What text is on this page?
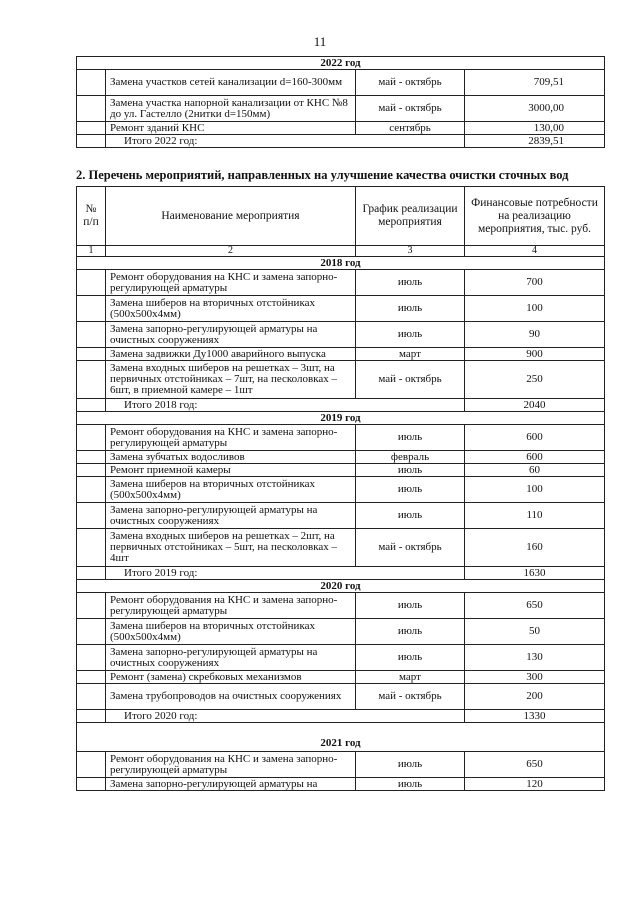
11
2022 год			
	Замена участков сетей канализации d=160-300мм	май - октябрь	709,51
	Замена участка напорной канализации от КНС №8 до ул. Гастелло (2нитки d=150мм)	май - октябрь	3000,00
	Ремонт зданий КНС	сентябрь	130,00
	Итого 2022 год:		2839,51
2. Перечень мероприятий, направленных на улучшение качества очистки сточных вод
№ п/п	Наименование мероприятия	График реализации мероприятия	Финансовые потребности на реализацию мероприятия, тыс. руб.
1	2	3	4
2018 год			
	Ремонт оборудования на КНС и замена запорно-регулирующей арматуры	июль	700
	Замена шиберов на вторичных отстойниках (500х500х4мм)	июль	100
	Замена запорно-регулирующей арматуры на очистных сооружениях	июль	90
	Замена задвижки Ду1000 аварийного выпуска	март	900
	Замена входных шиберов на решетках – 3шт, на первичных отстойниках – 7шт, на песколовках – 6шт, в приемной камере – 1шт	май - октябрь	250
	Итого 2018 год:		2040
2019 год			
	Ремонт оборудования на КНС и замена запорно-регулирующей арматуры	июль	600
	Замена зубчатых водосливов	февраль	600
	Ремонт приемной камеры	июль	60
	Замена шиберов на вторичных отстойниках (500х500х4мм)	июль	100
	Замена запорно-регулирующей арматуры на очистных сооружениях	июль	110
	Замена входных шиберов на решетках – 2шт, на первичных отстойниках – 5шт, на песколовках – 4шт	май - октябрь	160
	Итого 2019 год:		1630
2020 год			
	Ремонт оборудования на КНС и замена запорно-регулирующей арматуры	июль	650
	Замена шиберов на вторичных отстойниках (500х500х4мм)	июль	50
	Замена запорно-регулирующей арматуры на очистных сооружениях	июль	130
	Ремонт (замена) скребковых механизмов	март	300
	Замена трубопроводов на очистных сооружениях	май - октябрь	200
	Итого 2020 год:		1330
2021 год			
	Ремонт оборудования на КНС и замена запорно-регулирующей арматуры	июль	650
	Замена запорно-регулирующей арматуры на	июль	120
